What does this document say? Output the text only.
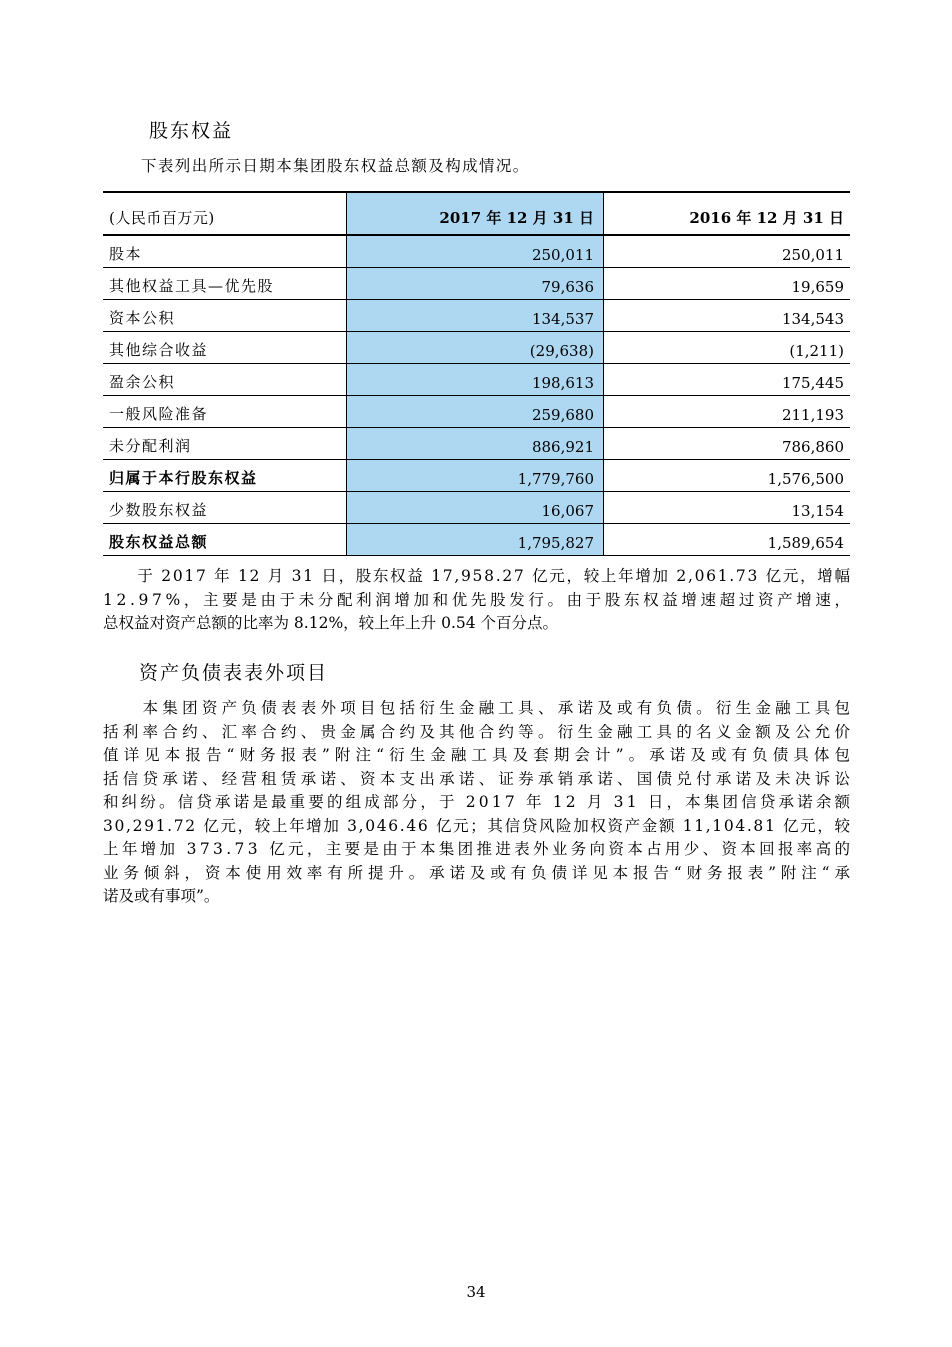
股东权益
下表列出所示日期本集团股东权益总额及构成情况。
(人民币百万元)	2017 年 12 月 31 日	2016 年 12 月 31 日
股本	250,011	250,011
其他权益工具—优先股	79,636	19,659
资本公积	134,537	134,543
其他综合收益	(29,638)	(1,211)
盈余公积	198,613	175,445
一般风险准备	259,680	211,193
未分配利润	886,921	786,860
归属于本行股东权益	1,779,760	1,576,500
少数股东权益	16,067	13,154
股东权益总额	1,795,827	1,589,654
　　于 2017 年 12 月 31 日，股东权益 17,958.27 亿元，较上年增加 2,061.73 亿元，增幅
12.97%，主要是由于未分配利润增加和优先股发行。由于股东权益增速超过资产增速，
总权益对资产总额的比率为 8.12%，较上年上升 0.54 个百分点。
资产负债表表外项目
　　本集团资产负债表表外项目包括衍生金融工具、承诺及或有负债。衍生金融工具包
括利率合约、汇率合约、贵金属合约及其他合约等。衍生金融工具的名义金额及公允价
值详见本报告“财务报表”附注“衍生金融工具及套期会计”。承诺及或有负债具体包
括信贷承诺、经营租赁承诺、资本支出承诺、证券承销承诺、国债兑付承诺及未决诉讼
和纠纷。信贷承诺是最重要的组成部分，于 2017 年 12 月 31 日，本集团信贷承诺余额
30,291.72 亿元，较上年增加 3,046.46 亿元；其信贷风险加权资产金额 11,104.81 亿元，较
上年增加 373.73 亿元，主要是由于本集团推进表外业务向资本占用少、资本回报率高的
业务倾斜，资本使用效率有所提升。承诺及或有负债详见本报告“财务报表”附注“承
诺及或有事项”。
34
